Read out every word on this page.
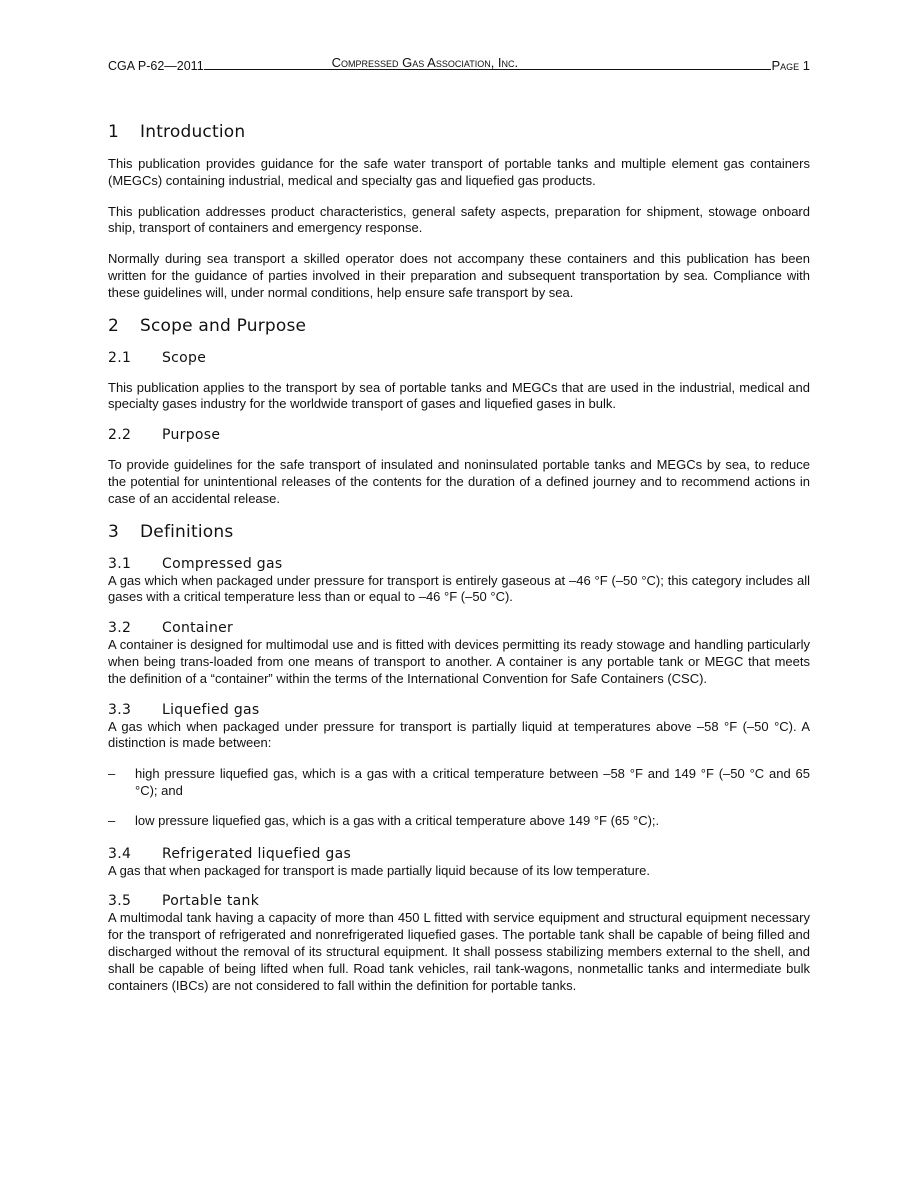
CGA P-62—2011	Compressed Gas Association, Inc.	Page 1
1 Introduction

This publication provides guidance for the safe water transport of portable tanks and multiple element gas containers (MEGCs) containing industrial, medical and specialty gas and liquefied gas products.

This publication addresses product characteristics, general safety aspects, preparation for shipment, stowage onboard ship, transport of containers and emergency response.

Normally during sea transport a skilled operator does not accompany these containers and this publication has been written for the guidance of parties involved in their preparation and subsequent transportation by sea. Compliance with these guidelines will, under normal conditions, help ensure safe transport by sea.

2 Scope and Purpose
2.1 Scope

This publication applies to the transport by sea of portable tanks and MEGCs that are used in the industrial, medical and specialty gases industry for the worldwide transport of gases and liquefied gases in bulk.

2.2 Purpose

To provide guidelines for the safe transport of insulated and noninsulated portable tanks and MEGCs by sea, to reduce the potential for unintentional releases of the contents for the duration of a defined journey and to recommend actions in case of an accidental release.

3 Definitions
3.1 Compressed gas

A gas which when packaged under pressure for transport is entirely gaseous at –46 °F (–50 °C); this category includes all gases with a critical temperature less than or equal to –46 °F (–50 °C).

3.2 Container

A container is designed for multimodal use and is fitted with devices permitting its ready stowage and handling particularly when being trans-loaded from one means of transport to another. A container is any portable tank or MEGC that meets the definition of a “container” within the terms of the International Convention for Safe Containers (CSC).

3.3 Liquefied gas

A gas which when packaged under pressure for transport is partially liquid at temperatures above –58 °F (–50 °C). A distinction is made between:

–	high pressure liquefied gas, which is a gas with a critical temperature between –58 °F and 149 °F (–50 °C and 65 °C); and
–	low pressure liquefied gas, which is a gas with a critical temperature above 149 °F (65 °C);.
3.4 Refrigerated liquefied gas

A gas that when packaged for transport is made partially liquid because of its low temperature.

3.5 Portable tank

A multimodal tank having a capacity of more than 450 L fitted with service equipment and structural equipment necessary for the transport of refrigerated and nonrefrigerated liquefied gases. The portable tank shall be capable of being filled and discharged without the removal of its structural equipment. It shall possess stabilizing members external to the shell, and shall be capable of being lifted when full. Road tank vehicles, rail tank-wagons, nonmetallic tanks and intermediate bulk containers (IBCs) are not considered to fall within the definition for portable tanks.
